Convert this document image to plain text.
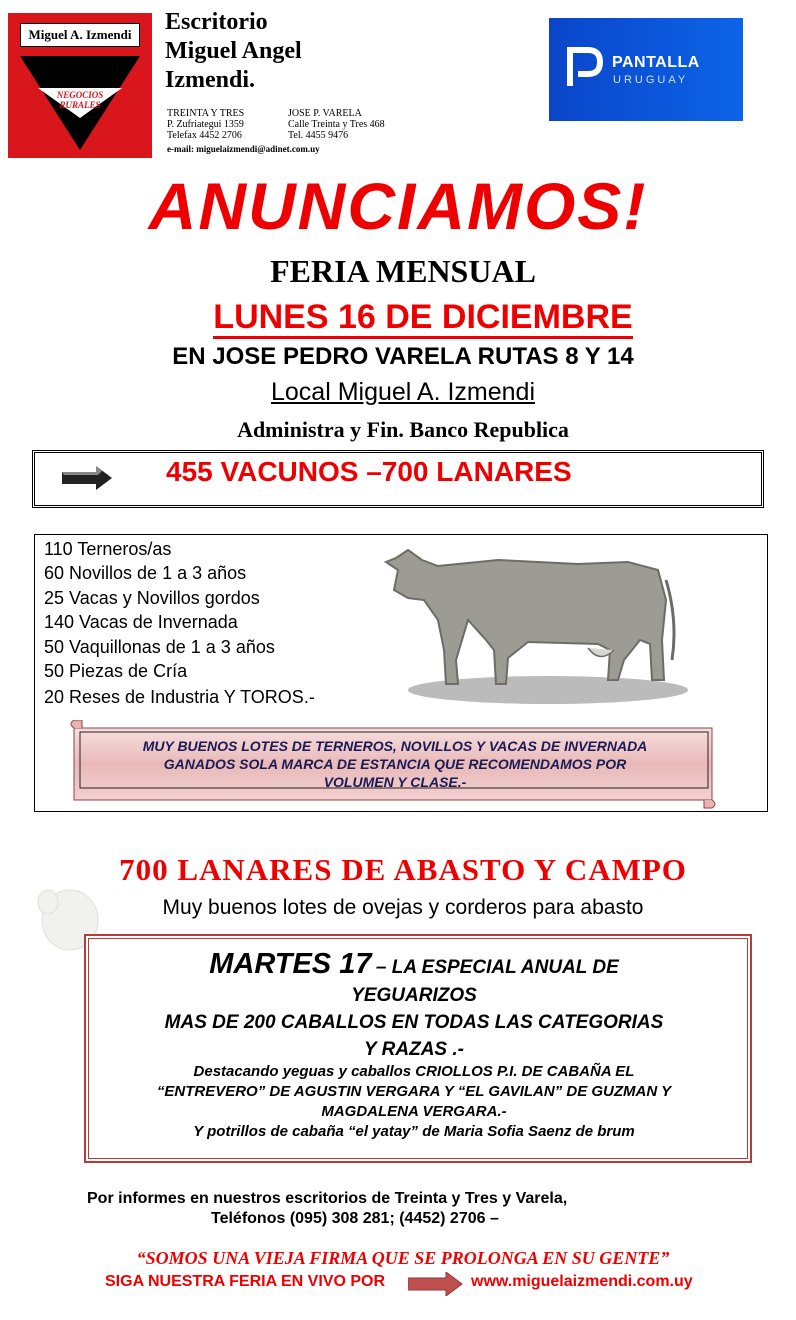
Miguel A. Izmendi
NEGOCIOS
RURALES
Escritorio
Miguel Angel
Izmendi.
TREINTA Y TRES
P. Zufriategui 1359
Telefax 4452 2706
JOSE P. VARELA
Calle Treinta y Tres 468
Tel. 4455 9476
e-mail: miguelaizmendi@adinet.com.uy
PANTALLA
URUGUAY
ANUNCIAMOS!
FERIA MENSUAL
LUNES 16 DE DICIEMBRE
EN JOSE PEDRO VARELA RUTAS 8 Y 14
Local Miguel A. Izmendi
Administra y Fin. Banco Republica
455 VACUNOS –700 LANARES
110 Terneros/as
60 Novillos de 1 a 3 años
25 Vacas y Novillos gordos
140 Vacas de Invernada
50 Vaquillonas de 1 a 3 años
50 Piezas de Cría
20 Reses de Industria Y TOROS.-
MUY BUENOS LOTES DE TERNEROS, NOVILLOS Y VACAS DE INVERNADA
GANADOS SOLA MARCA DE ESTANCIA QUE RECOMENDAMOS POR
VOLUMEN Y CLASE.-
700 LANARES DE ABASTO Y CAMPO
Muy buenos lotes de ovejas y corderos para abasto
MARTES 17 – LA ESPECIAL ANUAL DE
YEGUARIZOS
MAS DE 200 CABALLOS EN TODAS LAS CATEGORIAS
Y RAZAS .-
Destacando yeguas y caballos CRIOLLOS P.I. DE CABAÑA EL
“ENTREVERO” DE AGUSTIN VERGARA Y “EL GAVILAN” DE GUZMAN Y
MAGDALENA VERGARA.-
Y potrillos de cabaña “el yatay” de Maria Sofia Saenz de brum
Por informes en nuestros escritorios de Treinta y Tres y Varela,
Teléfonos (095) 308 281; (4452) 2706 –
“SOMOS UNA VIEJA FIRMA QUE SE PROLONGA EN SU GENTE”
SIGA NUESTRA FERIA EN VIVO POR	www.miguelaizmendi.com.uy
